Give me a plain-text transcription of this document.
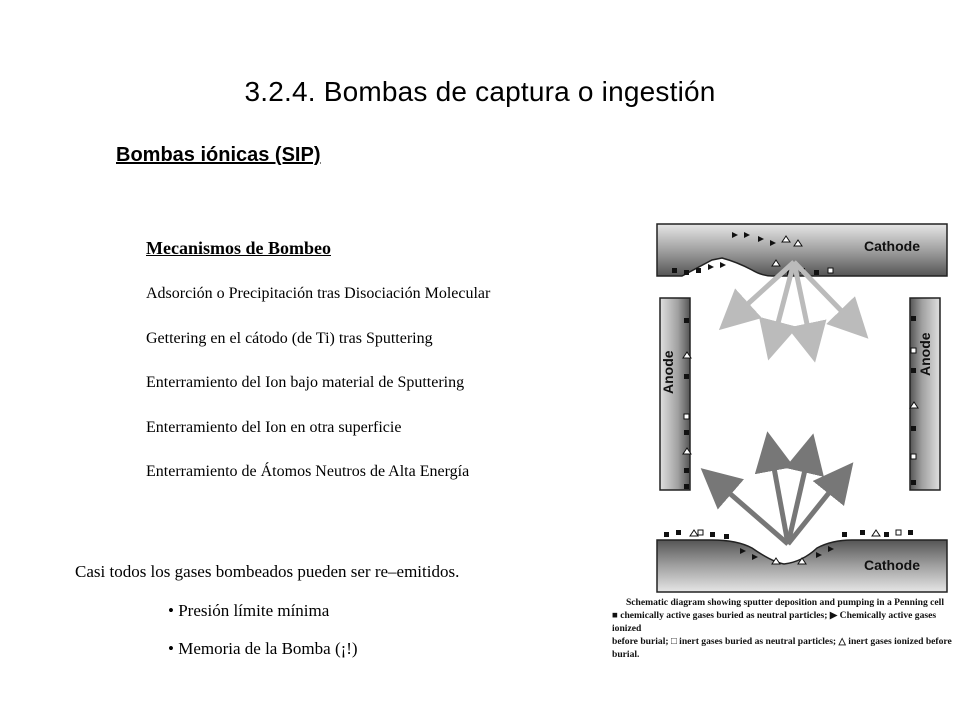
3.2.4. Bombas de captura o ingestión
Bombas iónicas (SIP)
Mecanismos de Bombeo
Adsorción o Precipitación tras Disociación Molecular
Gettering en el cátodo (de Ti) tras Sputtering
Enterramiento del Ion bajo material de Sputtering
Enterramiento del Ion en otra superficie
Enterramiento de Átomos Neutros de Alta Energía
Casi todos los gases bombeados pueden ser re–emitidos.
• Presión límite mínima
• Memoria de la Bomba (¡!)
Cathode
Anode	Anode
Cathode
Schematic diagram showing sputter deposition and pumping in a Penning cell
■ chemically active gases buried as neutral particles; ▶ Chemically active gases ionized
before burial; □ inert gases buried as neutral particles; △ inert gases ionized before burial.
